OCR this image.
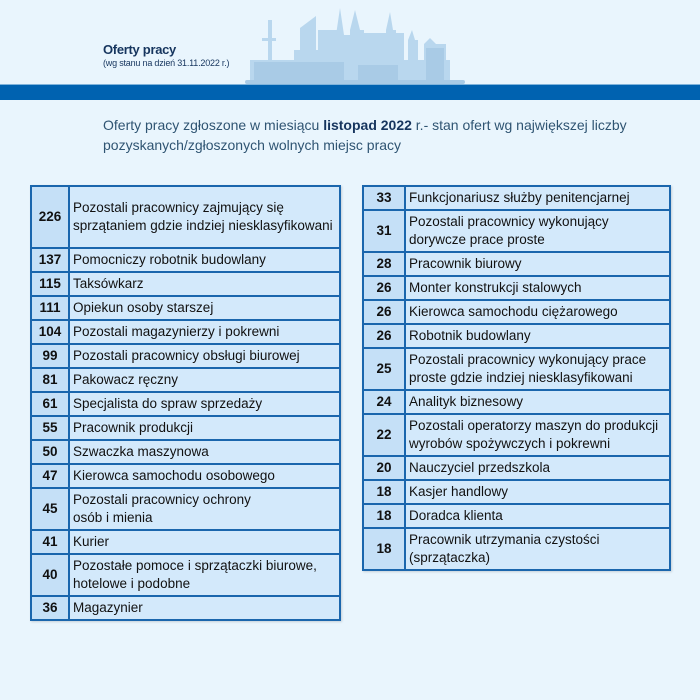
Oferty pracy
(wg stanu na dzień 31.11.2022 r.)
Oferty pracy zgłoszone w miesiącu listopad 2022 r.- stan ofert wg największej liczby pozyskanych/zgłoszonych wolnych miejsc pracy
226	Pozostali pracownicy zajmujący się sprzątaniem gdzie indziej niesklasyfikowani
137	Pomocniczy robotnik budowlany
115	Taksówkarz
111	Opiekun osoby starszej
104	Pozostali magazynierzy i pokrewni
99	Pozostali pracownicy obsługi biurowej
81	Pakowacz ręczny
61	Specjalista do spraw sprzedaży
55	Pracownik produkcji
50	Szwaczka maszynowa
47	Kierowca samochodu osobowego
45	Pozostali pracownicy ochrony
osób i mienia
41	Kurier
40	Pozostałe pomoce i sprzątaczki biurowe, hotelowe i podobne
36	Magazynier
33	Funkcjonariusz służby penitencjarnej
31	Pozostali pracownicy wykonujący dorywcze prace proste
28	Pracownik biurowy
26	Monter konstrukcji stalowych
26	Kierowca samochodu ciężarowego
26	Robotnik budowlany
25	Pozostali pracownicy wykonujący prace proste gdzie indziej niesklasyfikowani
24	Analityk biznesowy
22	Pozostali operatorzy maszyn do produkcji wyrobów spożywczych i pokrewni
20	Nauczyciel przedszkola
18	Kasjer handlowy
18	Doradca klienta
18	Pracownik utrzymania czystości (sprzątaczka)
